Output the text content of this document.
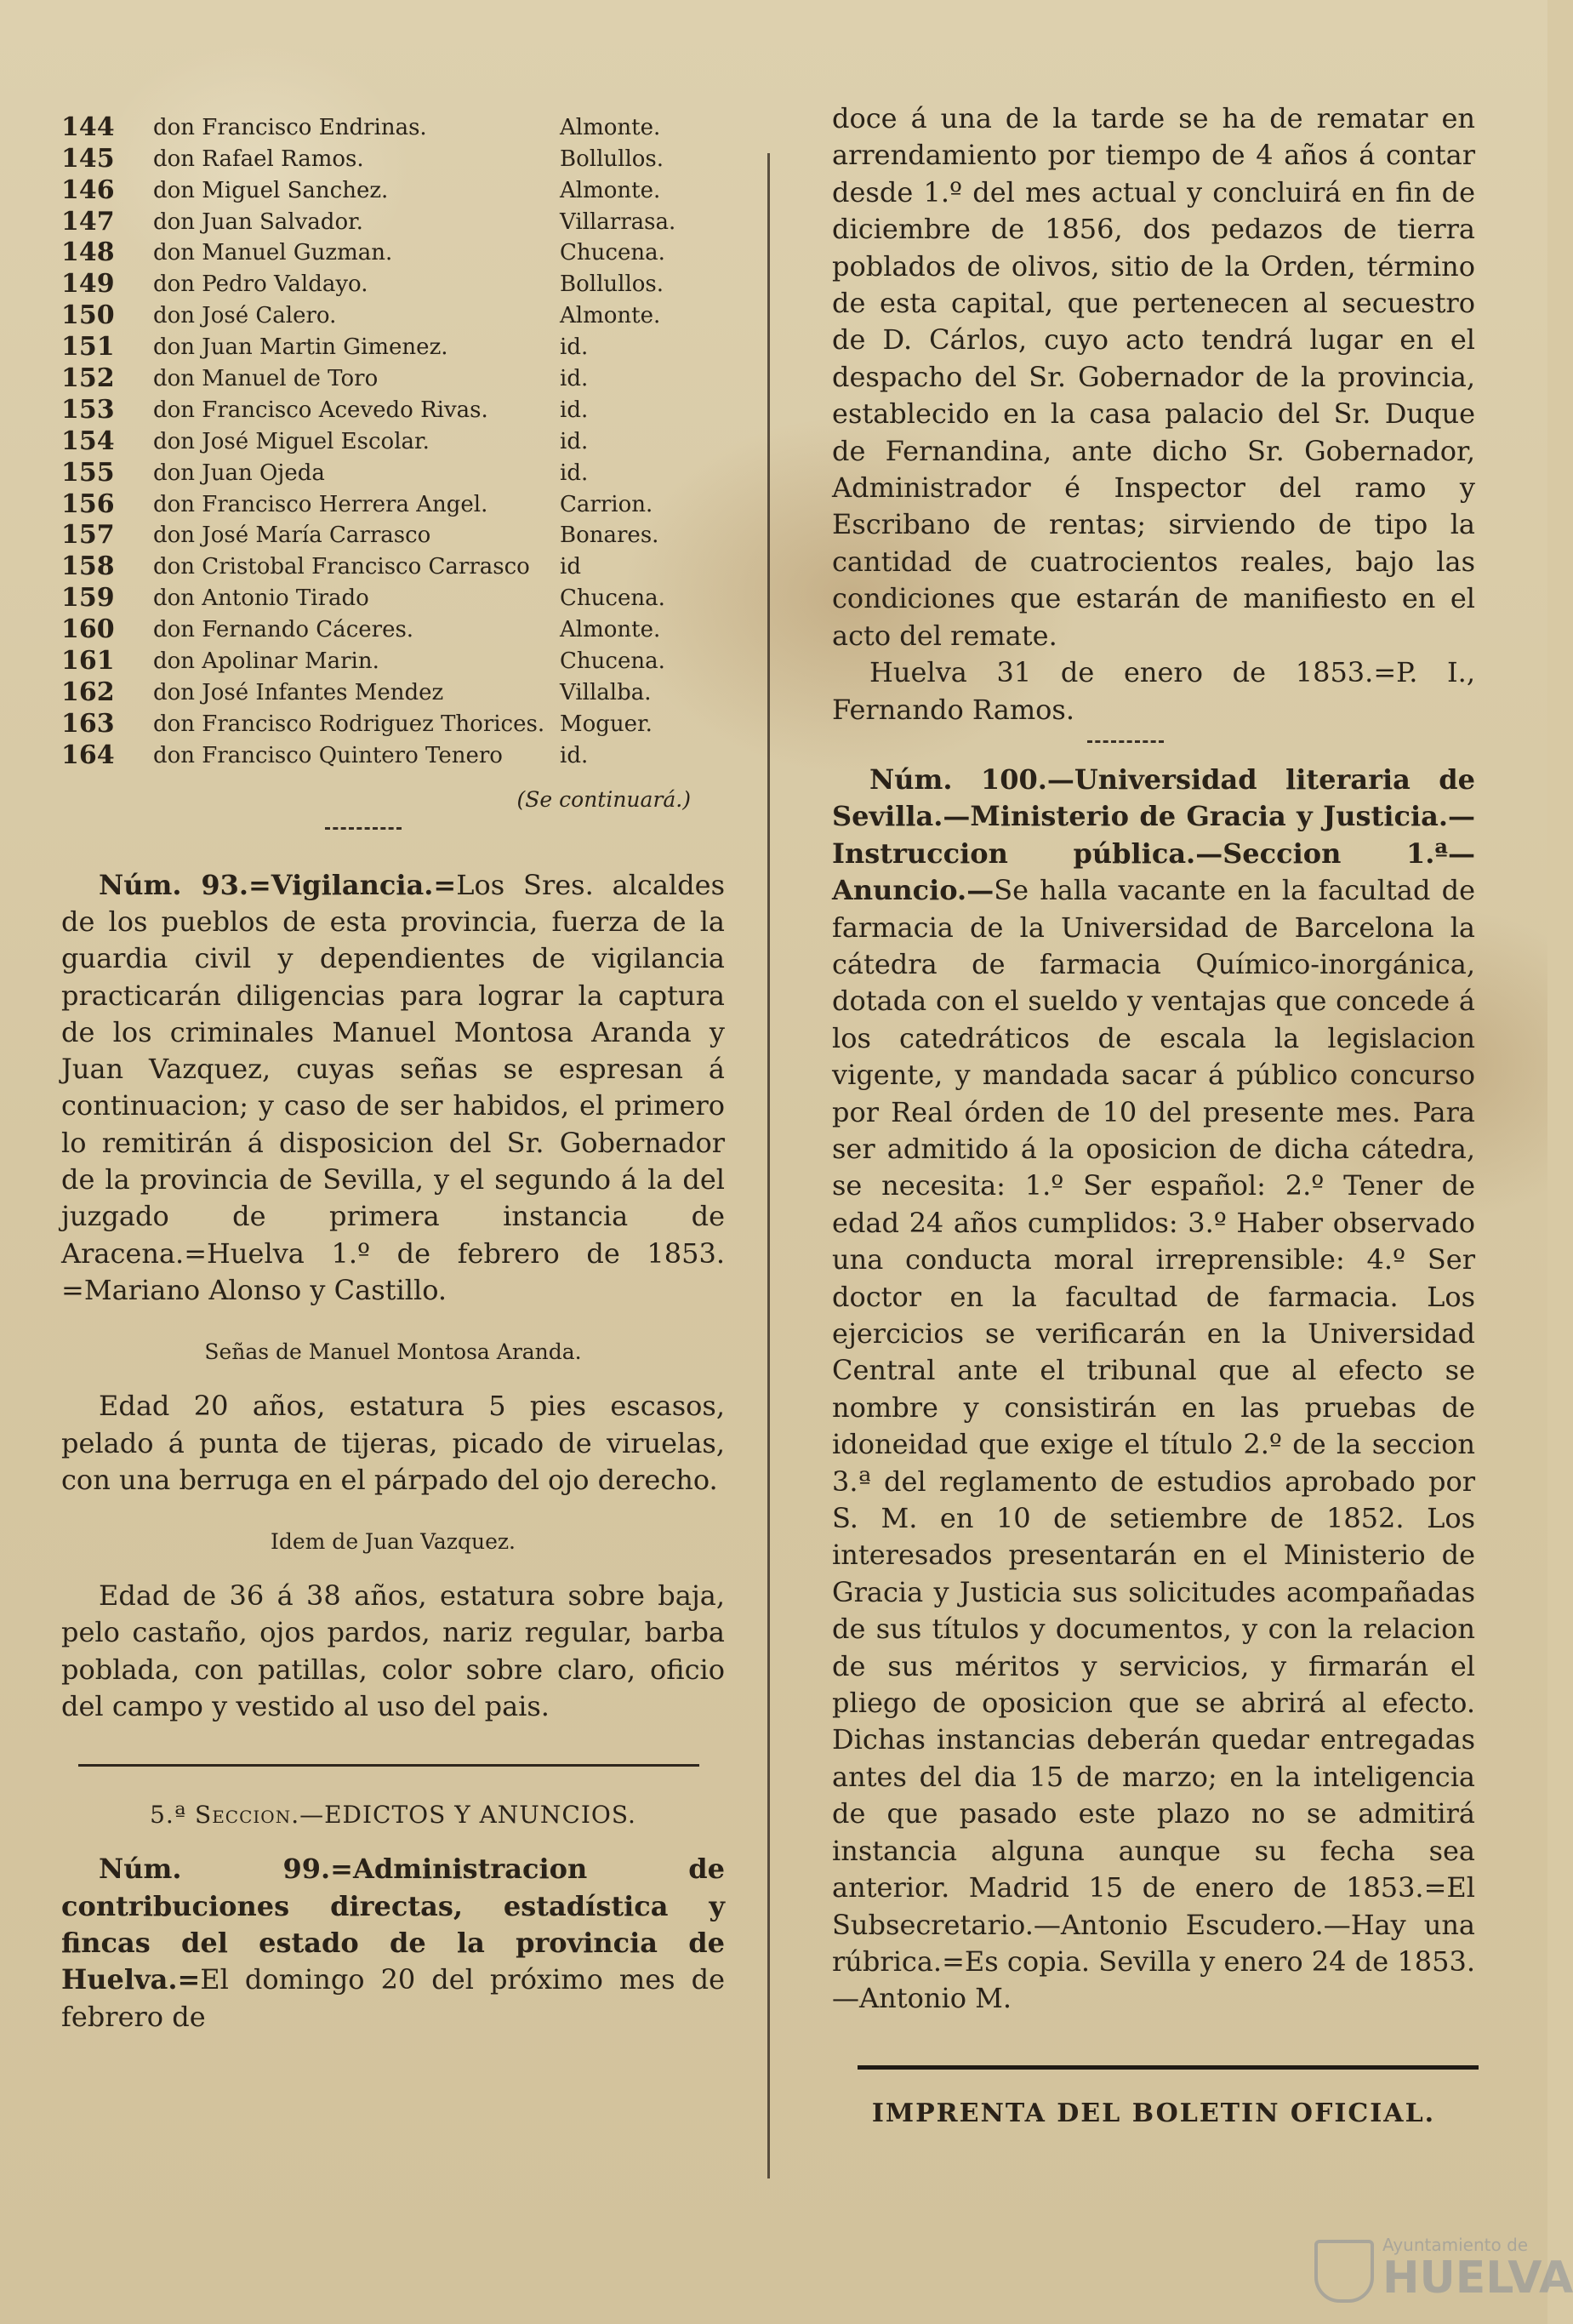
144	don Francisco Endrinas.	Almonte.
145	don Rafael Ramos.	Bollullos.
146	don Miguel Sanchez.	Almonte.
147	don Juan Salvador.	Villarrasa.
148	don Manuel Guzman.	Chucena.
149	don Pedro Valdayo.	Bollullos.
150	don José Calero.	Almonte.
151	don Juan Martin Gimenez.	id.
152	don Manuel de Toro	id.
153	don Francisco Acevedo Rivas.	id.
154	don José Miguel Escolar.	id.
155	don Juan Ojeda	id.
156	don Francisco Herrera Angel.	Carrion.
157	don José María Carrasco	Bonares.
158	don Cristobal Francisco Carrasco	id
159	don Antonio Tirado	Chucena.
160	don Fernando Cáceres.	Almonte.
161	don Apolinar Marin.	Chucena.
162	don José Infantes Mendez	Villalba.
163	don Francisco Rodriguez Thorices. Moguer.
164	don Francisco Quintero Tenero	id.
(Se continuará.)

Núm. 93.=Vigilancia.=Los Sres. alcaldes de los pueblos de esta provincia, fuerza de la guardia civil y dependientes de vigilancia practicarán diligencias para lograr la captura de los criminales Manuel Montosa Aranda y Juan Vazquez, cuyas señas se espresan á continuacion; y caso de ser habidos, el primero lo remitirán á disposicion del Sr. Gobernador de la provincia de Sevilla, y el segundo á la del juzgado de primera instancia de Aracena.=Huelva 1.º de febrero de 1853. =Mariano Alonso y Castillo.

Señas de Manuel Montosa Aranda.

Edad 20 años, estatura 5 pies escasos, pelado á punta de tijeras, picado de viruelas, con una berruga en el párpado del ojo derecho.

Idem de Juan Vazquez.

Edad de 36 á 38 años, estatura sobre baja, pelo castaño, ojos pardos, nariz regular, barba poblada, con patillas, color sobre claro, oficio del campo y vestido al uso del pais.

5.ª Seccion.—EDICTOS Y ANUNCIOS.

Núm. 99.=Administracion de contribuciones directas, estadística y fincas del estado de la provincia de Huelva.=El domingo 20 del próximo mes de febrero de

doce á una de la tarde se ha de rematar en arrendamiento por tiempo de 4 años á contar desde 1.º del mes actual y concluirá en fin de diciembre de 1856, dos pedazos de tierra poblados de olivos, sitio de la Orden, término de esta capital, que pertenecen al secuestro de D. Cárlos, cuyo acto tendrá lugar en el despacho del Sr. Gobernador de la provincia, establecido en la casa palacio del Sr. Duque de Fernandina, ante dicho Sr. Gobernador, Administrador é Inspector del ramo y Escribano de rentas; sirviendo de tipo la cantidad de cuatrocientos reales, bajo las condiciones que estarán de manifiesto en el acto del remate.

Huelva 31 de enero de 1853.=P. I., Fernando Ramos.

Núm. 100.—Universidad literaria de Sevilla.—Ministerio de Gracia y Justicia.—Instruccion pública.—Seccion 1.ª—Anuncio.—Se halla vacante en la facultad de farmacia de la Universidad de Barcelona la cátedra de farmacia Químico-inorgánica, dotada con el sueldo y ventajas que concede á los catedráticos de escala la legislacion vigente, y mandada sacar á público concurso por Real órden de 10 del presente mes. Para ser admitido á la oposicion de dicha cátedra, se necesita: 1.º Ser español: 2.º Tener de edad 24 años cumplidos: 3.º Haber observado una conducta moral irreprensible: 4.º Ser doctor en la facultad de farmacia. Los ejercicios se verificarán en la Universidad Central ante el tribunal que al efecto se nombre y consistirán en las pruebas de idoneidad que exige el título 2.º de la seccion 3.ª del reglamento de estudios aprobado por S. M. en 10 de setiembre de 1852. Los interesados presentarán en el Ministerio de Gracia y Justicia sus solicitudes acompañadas de sus títulos y documentos, y con la relacion de sus méritos y servicios, y firmarán el pliego de oposicion que se abrirá al efecto. Dichas instancias deberán quedar entregadas antes del dia 15 de marzo; en la inteligencia de que pasado este plazo no se admitirá instancia alguna aunque su fecha sea anterior. Madrid 15 de enero de 1853.=El Subsecretario.—Antonio Escudero.—Hay una rúbrica.=Es copia. Sevilla y enero 24 de 1853.—Antonio M.

IMPRENTA DEL BOLETIN OFICIAL.
Ayuntamiento de
HUELVA
